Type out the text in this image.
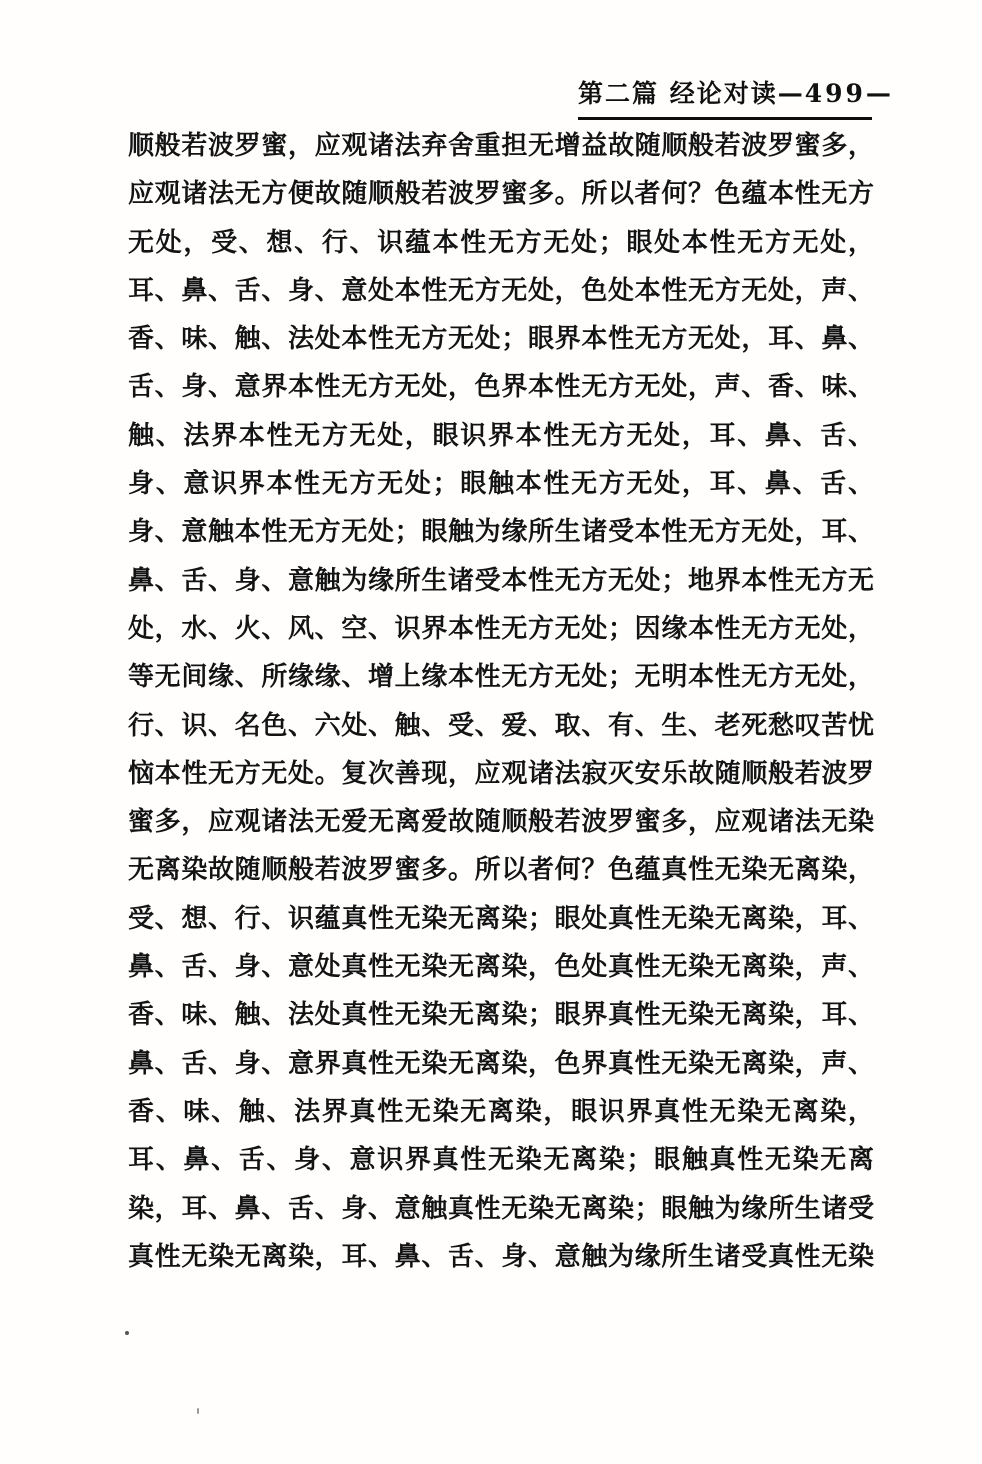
第二篇 经论对读 — 499 —
顺般若波罗蜜，应观诸法弃舍重担无增益故随顺般若波罗蜜多，
应观诸法无方便故随顺般若波罗蜜多。所以者何？色蕴本性无方
无处，受、想、行、识蕴本性无方无处；眼处本性无方无处，
耳、鼻、舌、身、意处本性无方无处，色处本性无方无处，声、
香、味、触、法处本性无方无处；眼界本性无方无处，耳、鼻、
舌、身、意界本性无方无处，色界本性无方无处，声、香、味、
触、法界本性无方无处，眼识界本性无方无处，耳、鼻、舌、
身、意识界本性无方无处；眼触本性无方无处，耳、鼻、舌、
身、意触本性无方无处；眼触为缘所生诸受本性无方无处，耳、
鼻、舌、身、意触为缘所生诸受本性无方无处；地界本性无方无
处，水、火、风、空、识界本性无方无处；因缘本性无方无处，
等无间缘、所缘缘、增上缘本性无方无处；无明本性无方无处，
行、识、名色、六处、触、受、爱、取、有、生、老死愁叹苦忧
恼本性无方无处。复次善现，应观诸法寂灭安乐故随顺般若波罗
蜜多，应观诸法无爱无离爱故随顺般若波罗蜜多，应观诸法无染
无离染故随顺般若波罗蜜多。所以者何？色蕴真性无染无离染，
受、想、行、识蕴真性无染无离染；眼处真性无染无离染，耳、
鼻、舌、身、意处真性无染无离染，色处真性无染无离染，声、
香、味、触、法处真性无染无离染；眼界真性无染无离染，耳、
鼻、舌、身、意界真性无染无离染，色界真性无染无离染，声、
香、味、触、法界真性无染无离染，眼识界真性无染无离染，
耳、鼻、舌、身、意识界真性无染无离染；眼触真性无染无离
染，耳、鼻、舌、身、意触真性无染无离染；眼触为缘所生诸受
真性无染无离染，耳、鼻、舌、身、意触为缘所生诸受真性无染
